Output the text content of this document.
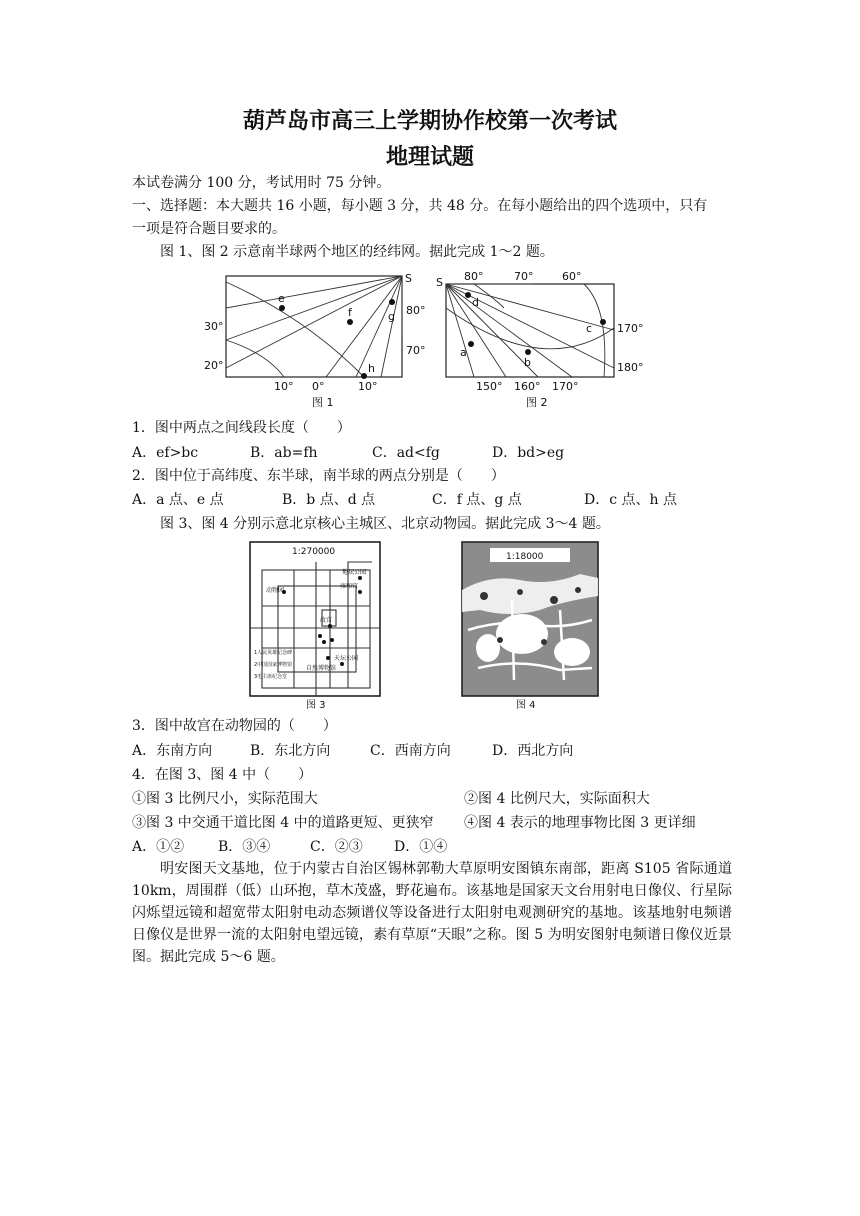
葫芦岛市高三上学期协作校第一次考试
地理试题
本试卷满分 100 分，考试用时 75 分钟。
一、选择题：本大题共 16 小题，每小题 3 分，共 48 分。在每小题给出的四个选项中，只有
一项是符合题目要求的。
图 1、图 2 示意南半球两个地区的经纬网。据此完成 1～2 题。
S
e
f	g
h
30°
20°
10° 0°	10°
80°
70°
图 1
S 80°	70°	60°
d
a
b
c 170°
180°
150° 160° 170°
图 2
1．图中两点之间线段长度（　　）
A．ef>bc	B．ab=fh	C．ad<fg	D．bd>eg
2．图中位于高纬度、东半球，南半球的两点分别是（　　）
A．a 点、e 点	B．b 点、d 点	C．f 点、g 点	D．c 点、h 点
图 3、图 4 分别示意北京核心主城区、北京动物园。据此完成 3～4 题。
1:270000
动物园
地坛公园
雍和宫
故宫
天坛公园
自然博物馆
1人民英雄纪念碑
2中国国家博物馆
3毛主席纪念堂
图 3
1:18000
图 4
3．图中故宫在动物园的（　　）
A．东南方向	B．东北方向	C．西南方向	D．西北方向
4．在图 3、图 4 中（　　）
①图 3 比例尺小，实际范围大	②图 4 比例尺大，实际面积大
③图 3 中交通干道比图 4 中的道路更短、更狭窄 ④图 4 表示的地理事物比图 3 更详细
A．①② B．③④	C．②③ D．①④
明安图天文基地，位于内蒙古自治区锡林郭勒大草原明安图镇东南部，距离 S105 省际通道 10km，周围群（低）山环抱，草木茂盛，野花遍布。该基地是国家天文台用射电日像仪、行星际闪烁望远镜和超宽带太阳射电动态频谱仪等设备进行太阳射电观测研究的基地。该基地射电频谱日像仪是世界一流的太阳射电望远镜，素有草原“天眼”之称。图 5 为明安图射电频谱日像仪近景图。据此完成 5～6 题。
